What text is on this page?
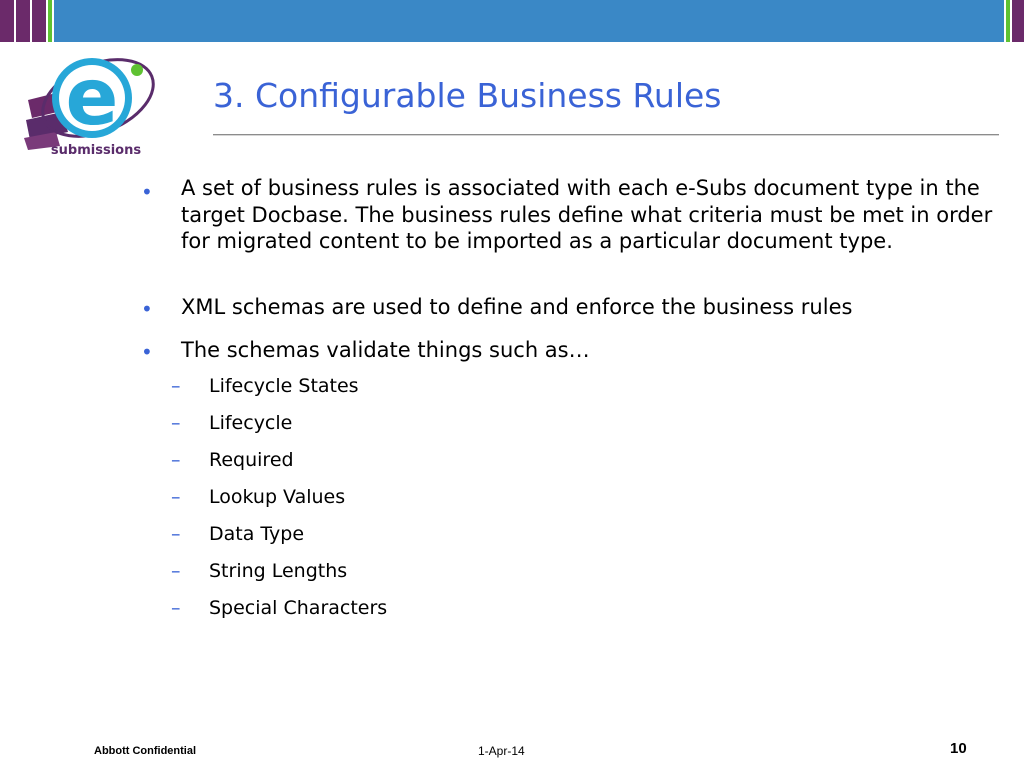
e
submissions
3. Configurable Business Rules
• A set of business rules is associated with each e-Subs document type in the target Docbase. The business rules define what criteria must be met in order for migrated content to be imported as a particular document type.
• XML schemas are used to define and enforce the business rules
• The schemas validate things such as…
– Lifecycle States
– Lifecycle
– Required
– Lookup Values
– Data Type
– String Lengths
– Special Characters
Abbott Confidential	1-Apr-14	10
